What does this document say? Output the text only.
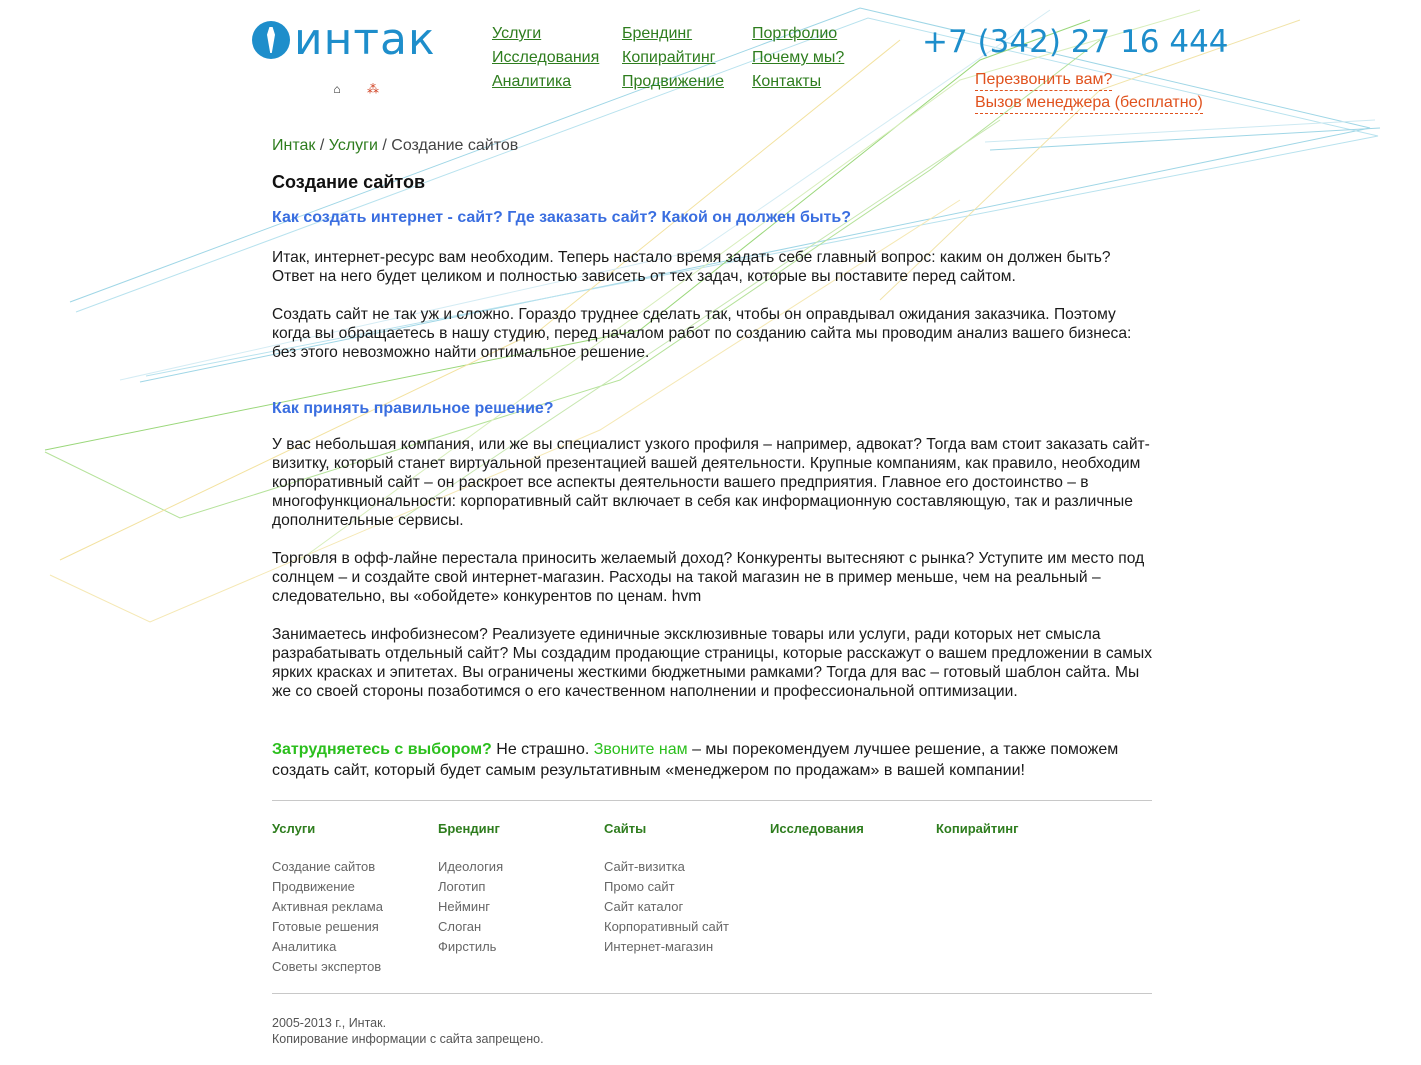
интак
⌂ ⁂
Услуги
Исследования
Аналитика
Брендинг
Копирайтинг
Продвижение
Портфолио
Почему мы?
Контакты
+7 (342) 27 16 444
Перезвонить вам?
Вызов менеджера (бесплатно)
Интак / Услуги / Создание сайтов
Создание сайтов
Как создать интернет - сайт? Где заказать сайт? Какой он должен быть?

Итак, интернет-ресурс вам необходим. Теперь настало время задать себе главный вопрос: каким он должен быть? Ответ на него будет целиком и полностью зависеть от тех задач, которые вы поставите перед сайтом.

Создать сайт не так уж и сложно. Гораздо труднее сделать так, чтобы он оправдывал ожидания заказчика. Поэтому когда вы обращаетесь в нашу студию, перед началом работ по созданию сайта мы проводим анализ вашего бизнеса: без этого невозможно найти оптимальное решение.

Как принять правильное решение?

У вас небольшая компания, или же вы специалист узкого профиля – например, адвокат? Тогда вам стоит заказать сайт-визитку, который станет виртуальной презентацией вашей деятельности. Крупные компаниям, как правило, необходим корпоративный сайт – он раскроет все аспекты деятельности вашего предприятия. Главное его достоинство – в многофункциональности: корпоративный сайт включает в себя как информационную составляющую, так и различные дополнительные сервисы.

Торговля в офф-лайне перестала приносить желаемый доход? Конкуренты вытесняют с рынка? Уступите им место под солнцем – и создайте свой интернет-магазин. Расходы на такой магазин не в пример меньше, чем на реальный – следовательно, вы «обойдете» конкурентов по ценам. hvm

Занимаетесь инфобизнесом? Реализуете единичные эксклюзивные товары или услуги, ради которых нет смысла разрабатывать отдельный сайт? Мы создадим продающие страницы, которые расскажут о вашем предложении в самых ярких красках и эпитетах. Вы ограничены жесткими бюджетными рамками? Тогда для вас – готовый шаблон сайта. Мы же со своей стороны позаботимся о его качественном наполнении и профессиональной оптимизации.

Затрудняетесь с выбором? Не страшно. Звоните нам – мы порекомендуем лучшее решение, а также поможем создать сайт, который будет самым результативным «менеджером по продажам» в вашей компании!

Услуги
Создание сайтов
Продвижение
Активная реклама
Готовые решения
Аналитика
Советы экспертов
Брендинг
Идеология
Логотип
Нейминг
Слоган
Фирстиль
Сайты
Сайт-визитка
Промо сайт
Сайт каталог
Корпоративный сайт
Интернет-магазин
Исследования	Копирайтинг
2005-2013 г., Интак.
Копирование информации с сайта запрещено.
